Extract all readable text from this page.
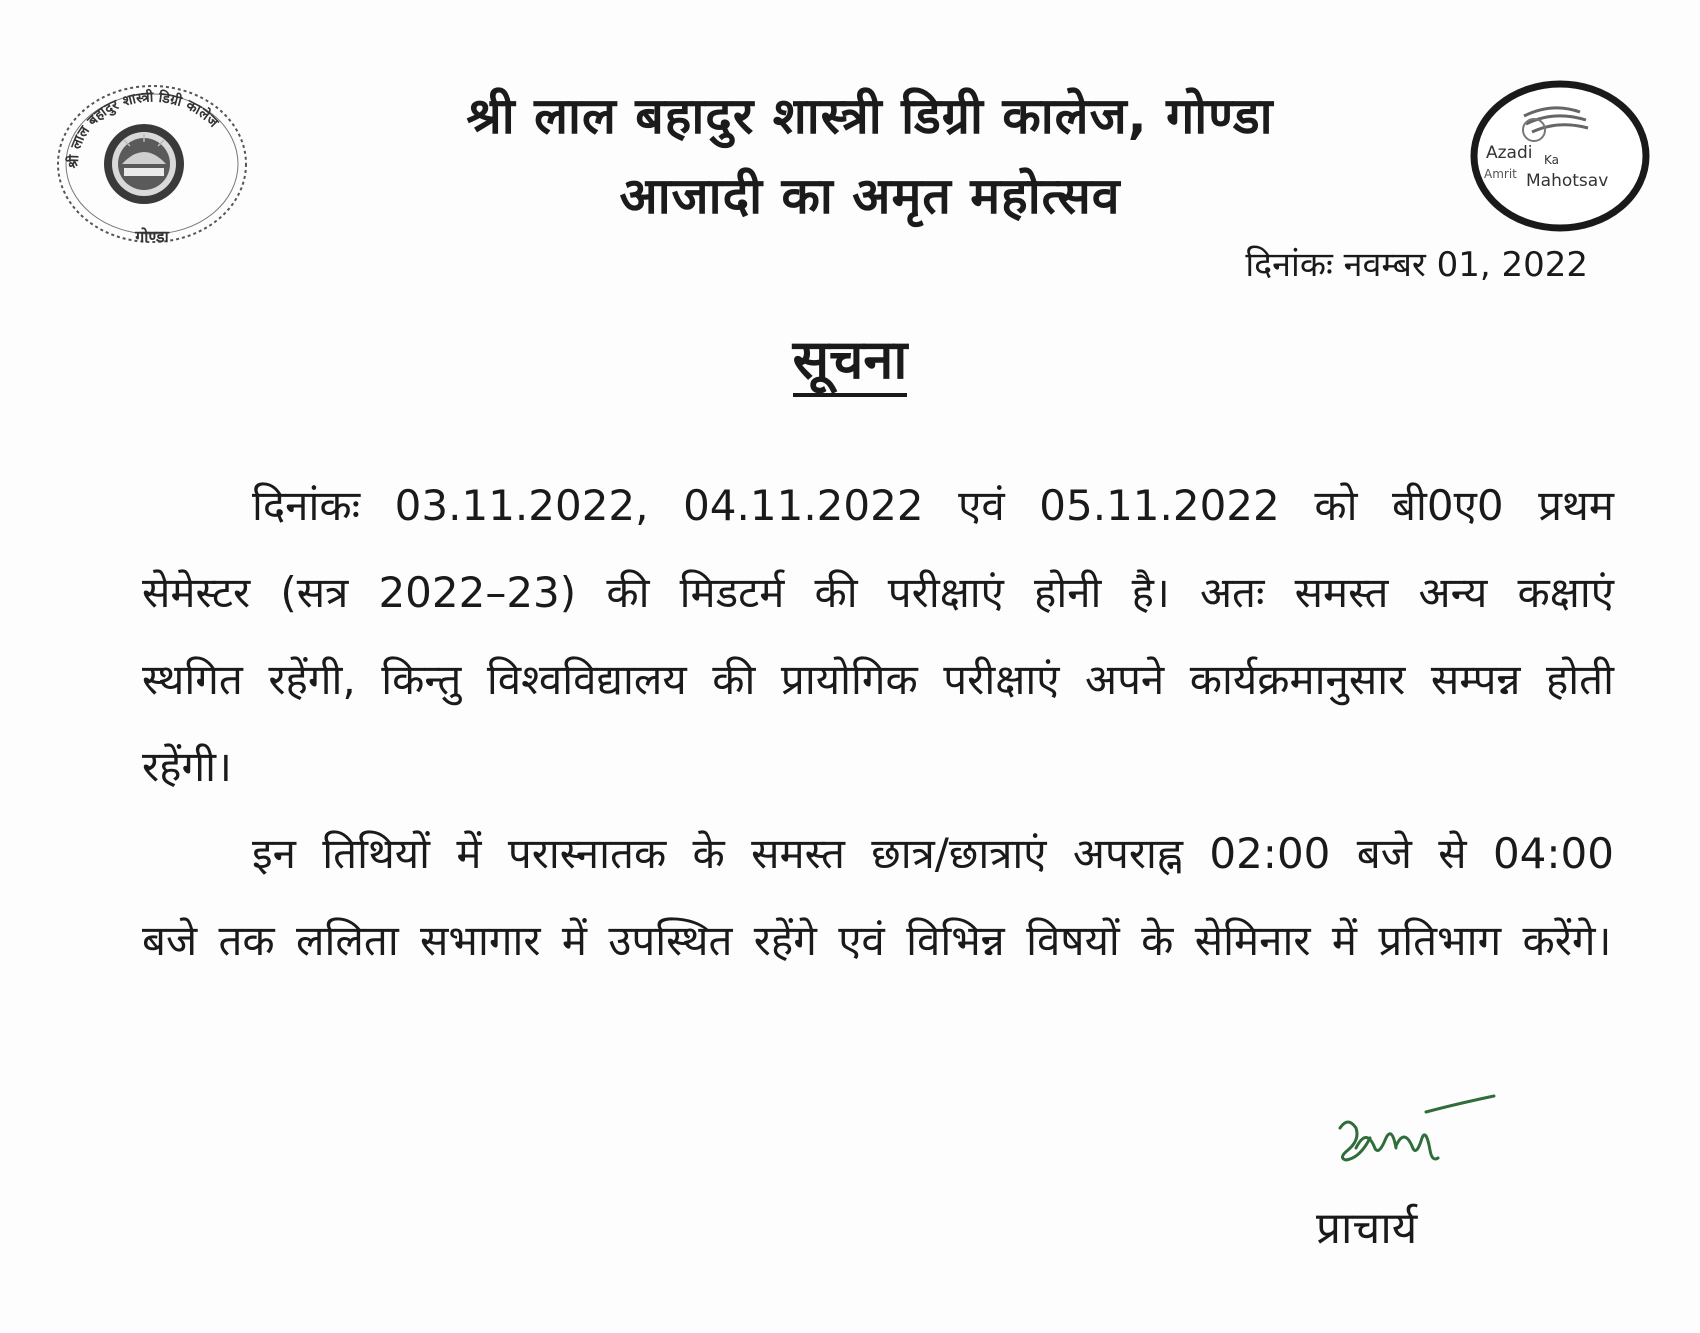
श्री लाल बहादुर शास्त्री डिग्री कालेज
गोण्डा
श्री लाल बहादुर शास्त्री डिग्री कालेज, गोण्डा
आजादी का अमृत महोत्सव
Azadi Ka
Amrit Mahotsav
दिनांकः नवम्बर 01, 2022
सूचना

दिनांकः 03.11.2022, 04.11.2022 एवं 05.11.2022 को बी0ए0 प्रथम सेमेस्टर (सत्र 2022–23) की मिडटर्म की परीक्षाएं होनी है। अतः समस्त अन्य कक्षाएं स्थगित रहेंगी, किन्तु विश्वविद्यालय की प्रायोगिक परीक्षाएं अपने कार्यक्रमानुसार सम्पन्न होती रहेंगी।

इन तिथियों में परास्नातक के समस्त छात्र/छात्राएं अपराह्न 02:00 बजे से 04:00 बजे तक ललिता सभागार में उपस्थित रहेंगे एवं विभिन्न विषयों के सेमिनार में प्रतिभाग करेंगे।

प्राचार्य
